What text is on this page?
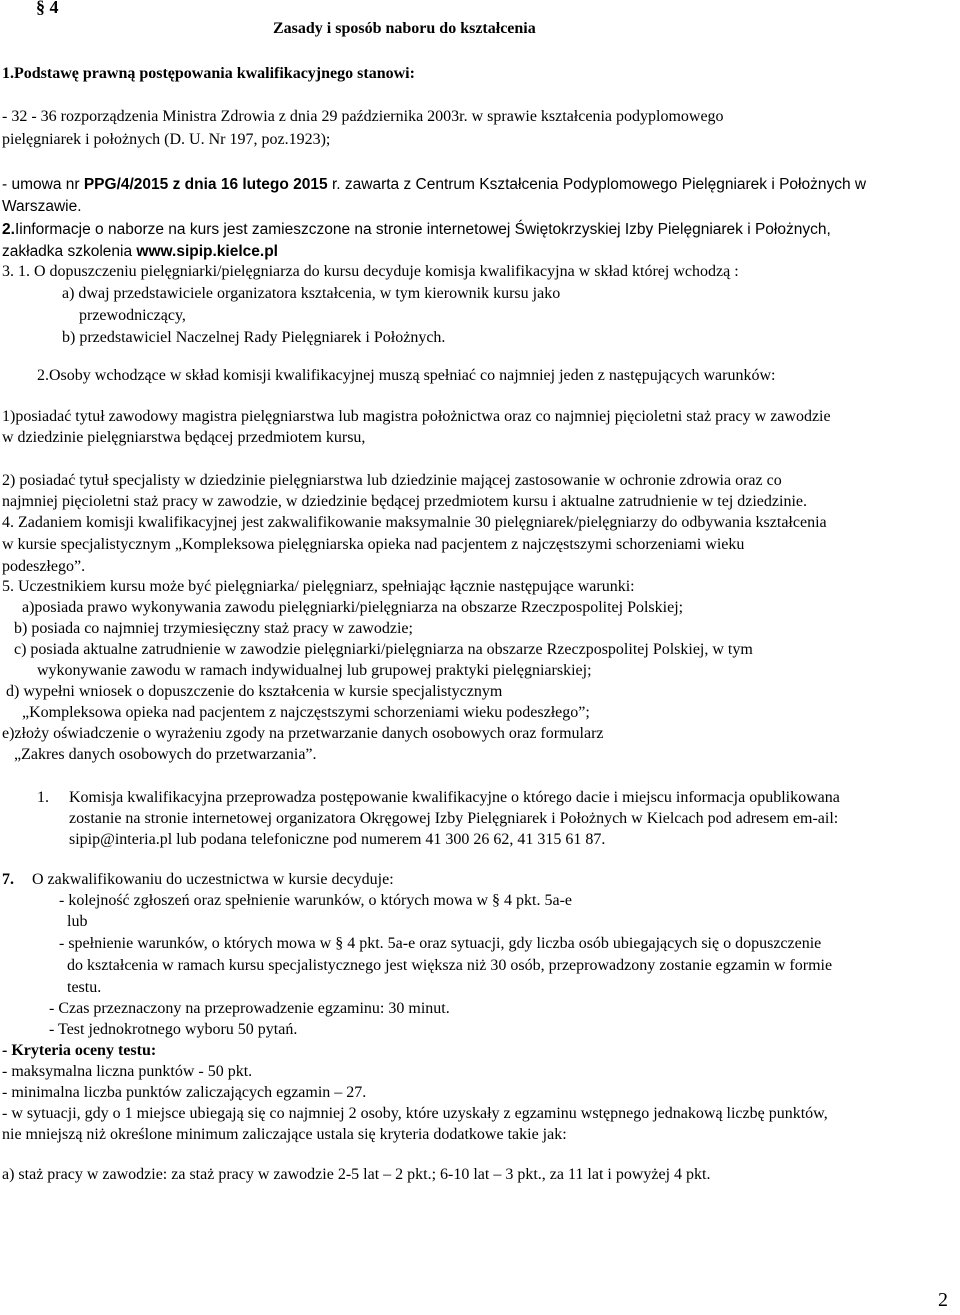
§ 4
Zasady i sposób naboru do kształcenia
1.Podstawę prawną postępowania kwalifikacyjnego stanowi:
- 32 - 36 rozporządzenia Ministra Zdrowia z dnia 29 października 2003r. w sprawie kształcenia podyplomowego
pielęgniarek i położnych (D. U. Nr 197, poz.1923);
- umowa nr PPG/4/2015 z dnia 16 lutego 2015 r. zawarta z Centrum Kształcenia Podyplomowego Pielęgniarek i Położnych w
Warszawie.
2.Iinformacje o naborze na kurs jest zamieszczone na stronie internetowej Świętokrzyskiej Izby Pielęgniarek i Położnych,
zakładka szkolenia www.sipip.kielce.pl
3. 1. O dopuszczeniu pielęgniarki/pielęgniarza do kursu decyduje komisja kwalifikacyjna w skład której wchodzą :
a) dwaj przedstawiciele organizatora kształcenia, w tym kierownik kursu jako
przewodniczący,
b) przedstawiciel Naczelnej Rady Pielęgniarek i Położnych.
2.Osoby wchodzące w skład komisji kwalifikacyjnej muszą spełniać co najmniej jeden z następujących warunków:
1)posiadać tytuł zawodowy magistra pielęgniarstwa lub magistra położnictwa oraz co najmniej pięcioletni staż pracy w zawodzie
w dziedzinie pielęgniarstwa będącej przedmiotem kursu,
2) posiadać tytuł specjalisty w dziedzinie pielęgniarstwa lub dziedzinie mającej zastosowanie w ochronie zdrowia oraz co
najmniej pięcioletni staż pracy w zawodzie, w dziedzinie będącej przedmiotem kursu i aktualne zatrudnienie w tej dziedzinie.
4. Zadaniem komisji kwalifikacyjnej jest zakwalifikowanie maksymalnie 30 pielęgniarek/pielęgniarzy do odbywania kształcenia
w kursie specjalistycznym „Kompleksowa pielęgniarska opieka nad pacjentem z najczęstszymi schorzeniami wieku
podeszłego”.
5. Uczestnikiem kursu może być pielęgniarka/ pielęgniarz, spełniając łącznie następujące warunki:
a)posiada prawo wykonywania zawodu pielęgniarki/pielęgniarza na obszarze Rzeczpospolitej Polskiej;
b) posiada co najmniej trzymiesięczny staż pracy w zawodzie;
c) posiada aktualne zatrudnienie w zawodzie pielęgniarki/pielęgniarza na obszarze Rzeczpospolitej Polskiej, w tym
wykonywanie zawodu w ramach indywidualnej lub grupowej praktyki pielęgniarskiej;
d) wypełni wniosek o dopuszczenie do kształcenia w kursie specjalistycznym
„Kompleksowa opieka nad pacjentem z najczęstszymi schorzeniami wieku podeszłego”;
e)złoży oświadczenie o wyrażeniu zgody na przetwarzanie danych osobowych oraz formularz
„Zakres danych osobowych do przetwarzania”.
1. Komisja kwalifikacyjna przeprowadza postępowanie kwalifikacyjne o którego dacie i miejscu informacja opublikowana
zostanie na stronie internetowej organizatora Okręgowej Izby Pielęgniarek i Położnych w Kielcach pod adresem em-ail:
sipip@interia.pl lub podana telefoniczne pod numerem 41 300 26 62, 41 315 61 87.
7. O zakwalifikowaniu do uczestnictwa w kursie decyduje:
- kolejność zgłoszeń oraz spełnienie warunków, o których mowa w § 4 pkt. 5a-e
lub
- spełnienie warunków, o których mowa w § 4 pkt. 5a-e oraz sytuacji, gdy liczba osób ubiegających się o dopuszczenie
do kształcenia w ramach kursu specjalistycznego jest większa niż 30 osób, przeprowadzony zostanie egzamin w formie
testu.
- Czas przeznaczony na przeprowadzenie egzaminu: 30 minut.
- Test jednokrotnego wyboru 50 pytań.
- Kryteria oceny testu:
- maksymalna liczna punktów - 50 pkt.
- minimalna liczba punktów zaliczających egzamin – 27.
- w sytuacji, gdy o 1 miejsce ubiegają się co najmniej 2 osoby, które uzyskały z egzaminu wstępnego jednakową liczbę punktów,
nie mniejszą niż określone minimum zaliczające ustala się kryteria dodatkowe takie jak:
a) staż pracy w zawodzie: za staż pracy w zawodzie 2-5 lat – 2 pkt.; 6-10 lat – 3 pkt., za 11 lat i powyżej 4 pkt.
2
